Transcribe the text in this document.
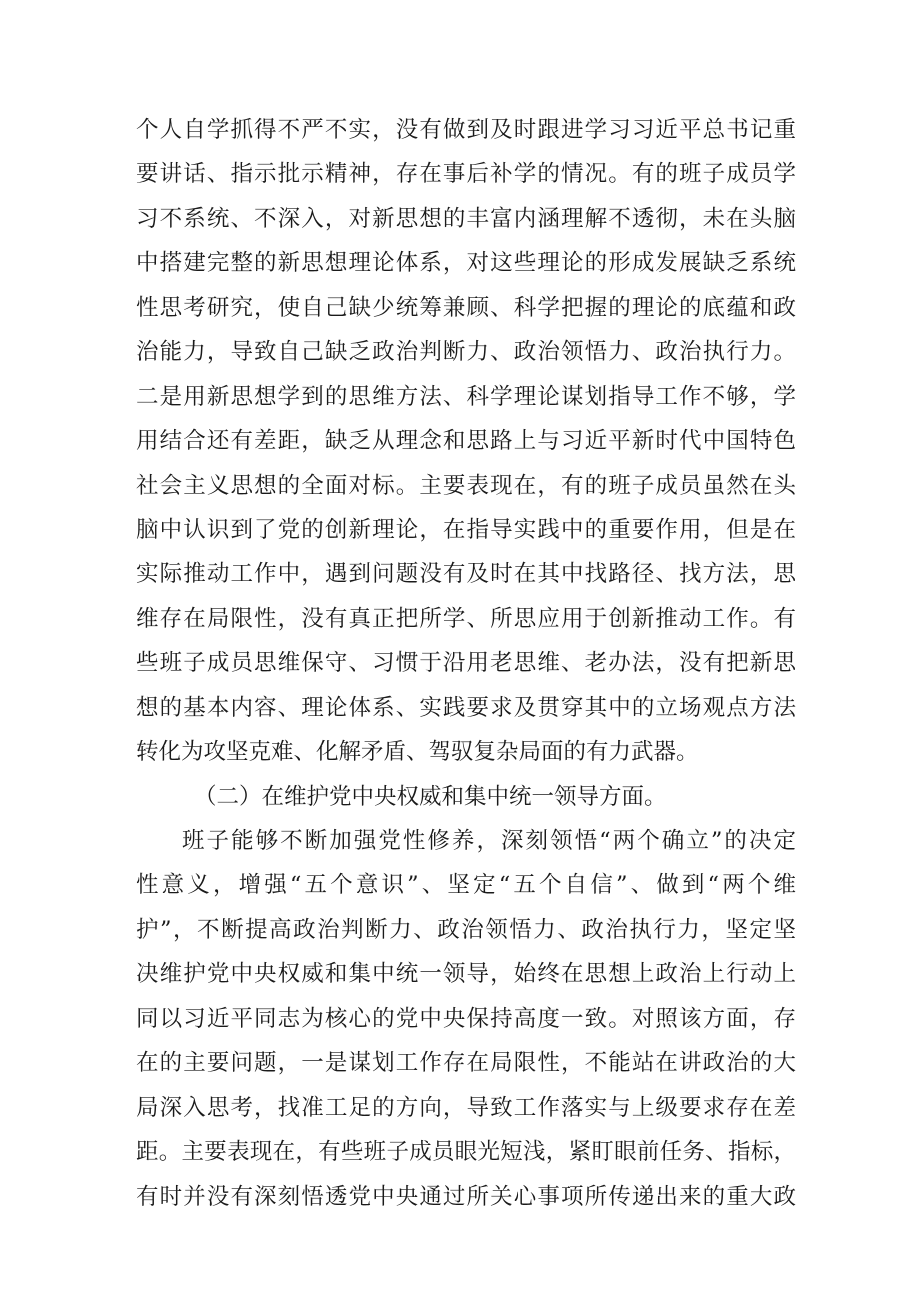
个人自学抓得不严不实，没有做到及时跟进学习习近平总书记重

要讲话、指示批示精神，存在事后补学的情况。有的班子成员学

习不系统、不深入，对新思想的丰富内涵理解不透彻，未在头脑

中搭建完整的新思想理论体系，对这些理论的形成发展缺乏系统

性思考研究，使自己缺少统筹兼顾、科学把握的理论的底蕴和政

治能力，导致自己缺乏政治判断力、政治领悟力、政治执行力。

二是用新思想学到的思维方法、科学理论谋划指导工作不够，学

用结合还有差距，缺乏从理念和思路上与习近平新时代中国特色

社会主义思想的全面对标。主要表现在，有的班子成员虽然在头

脑中认识到了党的创新理论，在指导实践中的重要作用，但是在

实际推动工作中，遇到问题没有及时在其中找路径、找方法，思

维存在局限性，没有真正把所学、所思应用于创新推动工作。有

些班子成员思维保守、习惯于沿用老思维、老办法，没有把新思

想的基本内容、理论体系、实践要求及贯穿其中的立场观点方法

转化为攻坚克难、化解矛盾、驾驭复杂局面的有力武器。

（二）在维护党中央权威和集中统一领导方面。

班子能够不断加强党性修养，深刻领悟“两个确立”的决定

性意义，增强“五个意识”、坚定“五个自信”、做到“两个维

护”，不断提高政治判断力、政治领悟力、政治执行力，坚定坚

决维护党中央权威和集中统一领导，始终在思想上政治上行动上

同以习近平同志为核心的党中央保持高度一致。对照该方面，存

在的主要问题，一是谋划工作存在局限性，不能站在讲政治的大

局深入思考，找准工足的方向，导致工作落实与上级要求存在差

距。主要表现在，有些班子成员眼光短浅，紧盯眼前任务、指标，

有时并没有深刻悟透党中央通过所关心事项所传递出来的重大政
